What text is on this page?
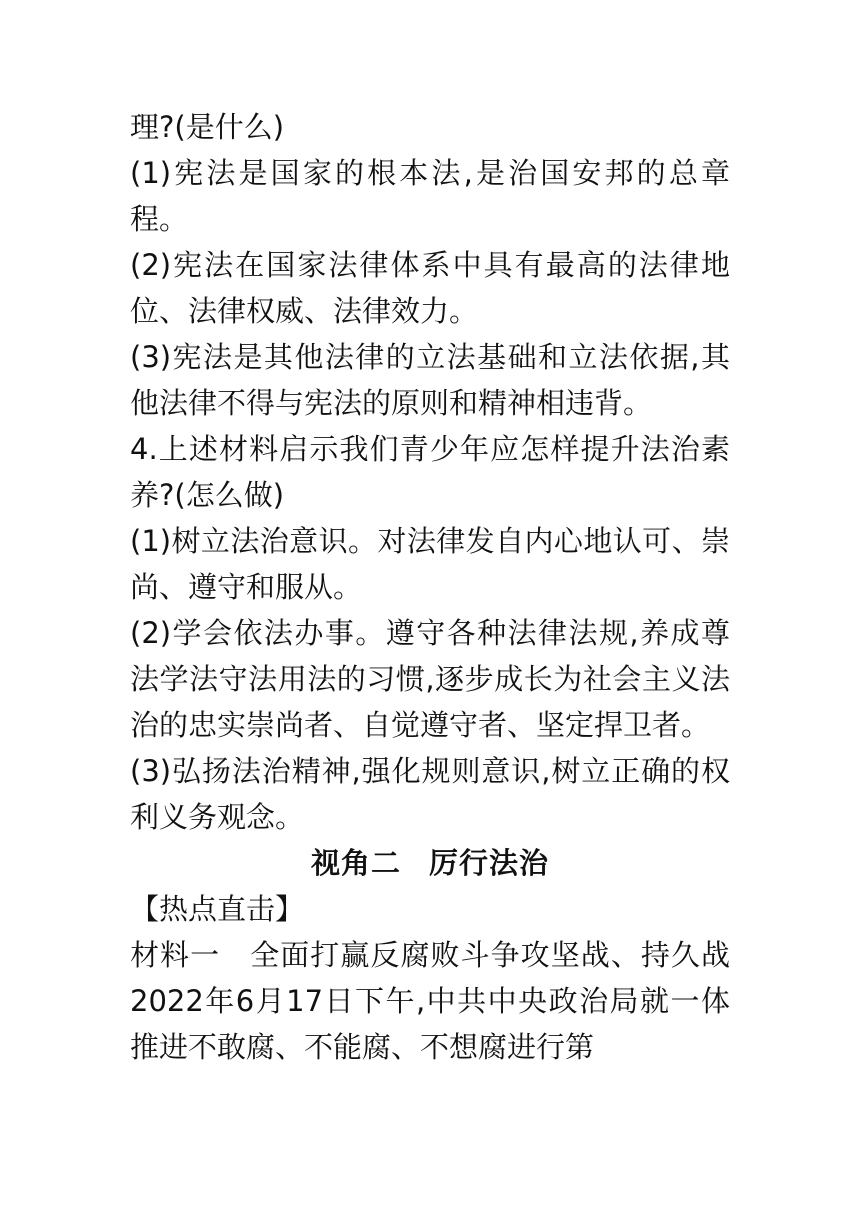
理?(是什么)

(1)宪法是国家的根本法,是治国安邦的总章程。

(2)宪法在国家法律体系中具有最高的法律地位、法律权威、法律效力。

(3)宪法是其他法律的立法基础和立法依据,其他法律不得与宪法的原则和精神相违背。

4.上述材料启示我们青少年应怎样提升法治素养?(怎么做)

(1)树立法治意识。对法律发自内心地认可、崇尚、遵守和服从。

(2)学会依法办事。遵守各种法律法规,养成尊法学法守法用法的习惯,逐步成长为社会主义法治的忠实崇尚者、自觉遵守者、坚定捍卫者。

(3)弘扬法治精神,强化规则意识,树立正确的权利义务观念。

视角二 厉行法治

【热点直击】

材料一　全面打赢反腐败斗争攻坚战、持久战　2022年6月17日下午,中共中央政治局就一体推进不敢腐、不能腐、不想腐进行第
